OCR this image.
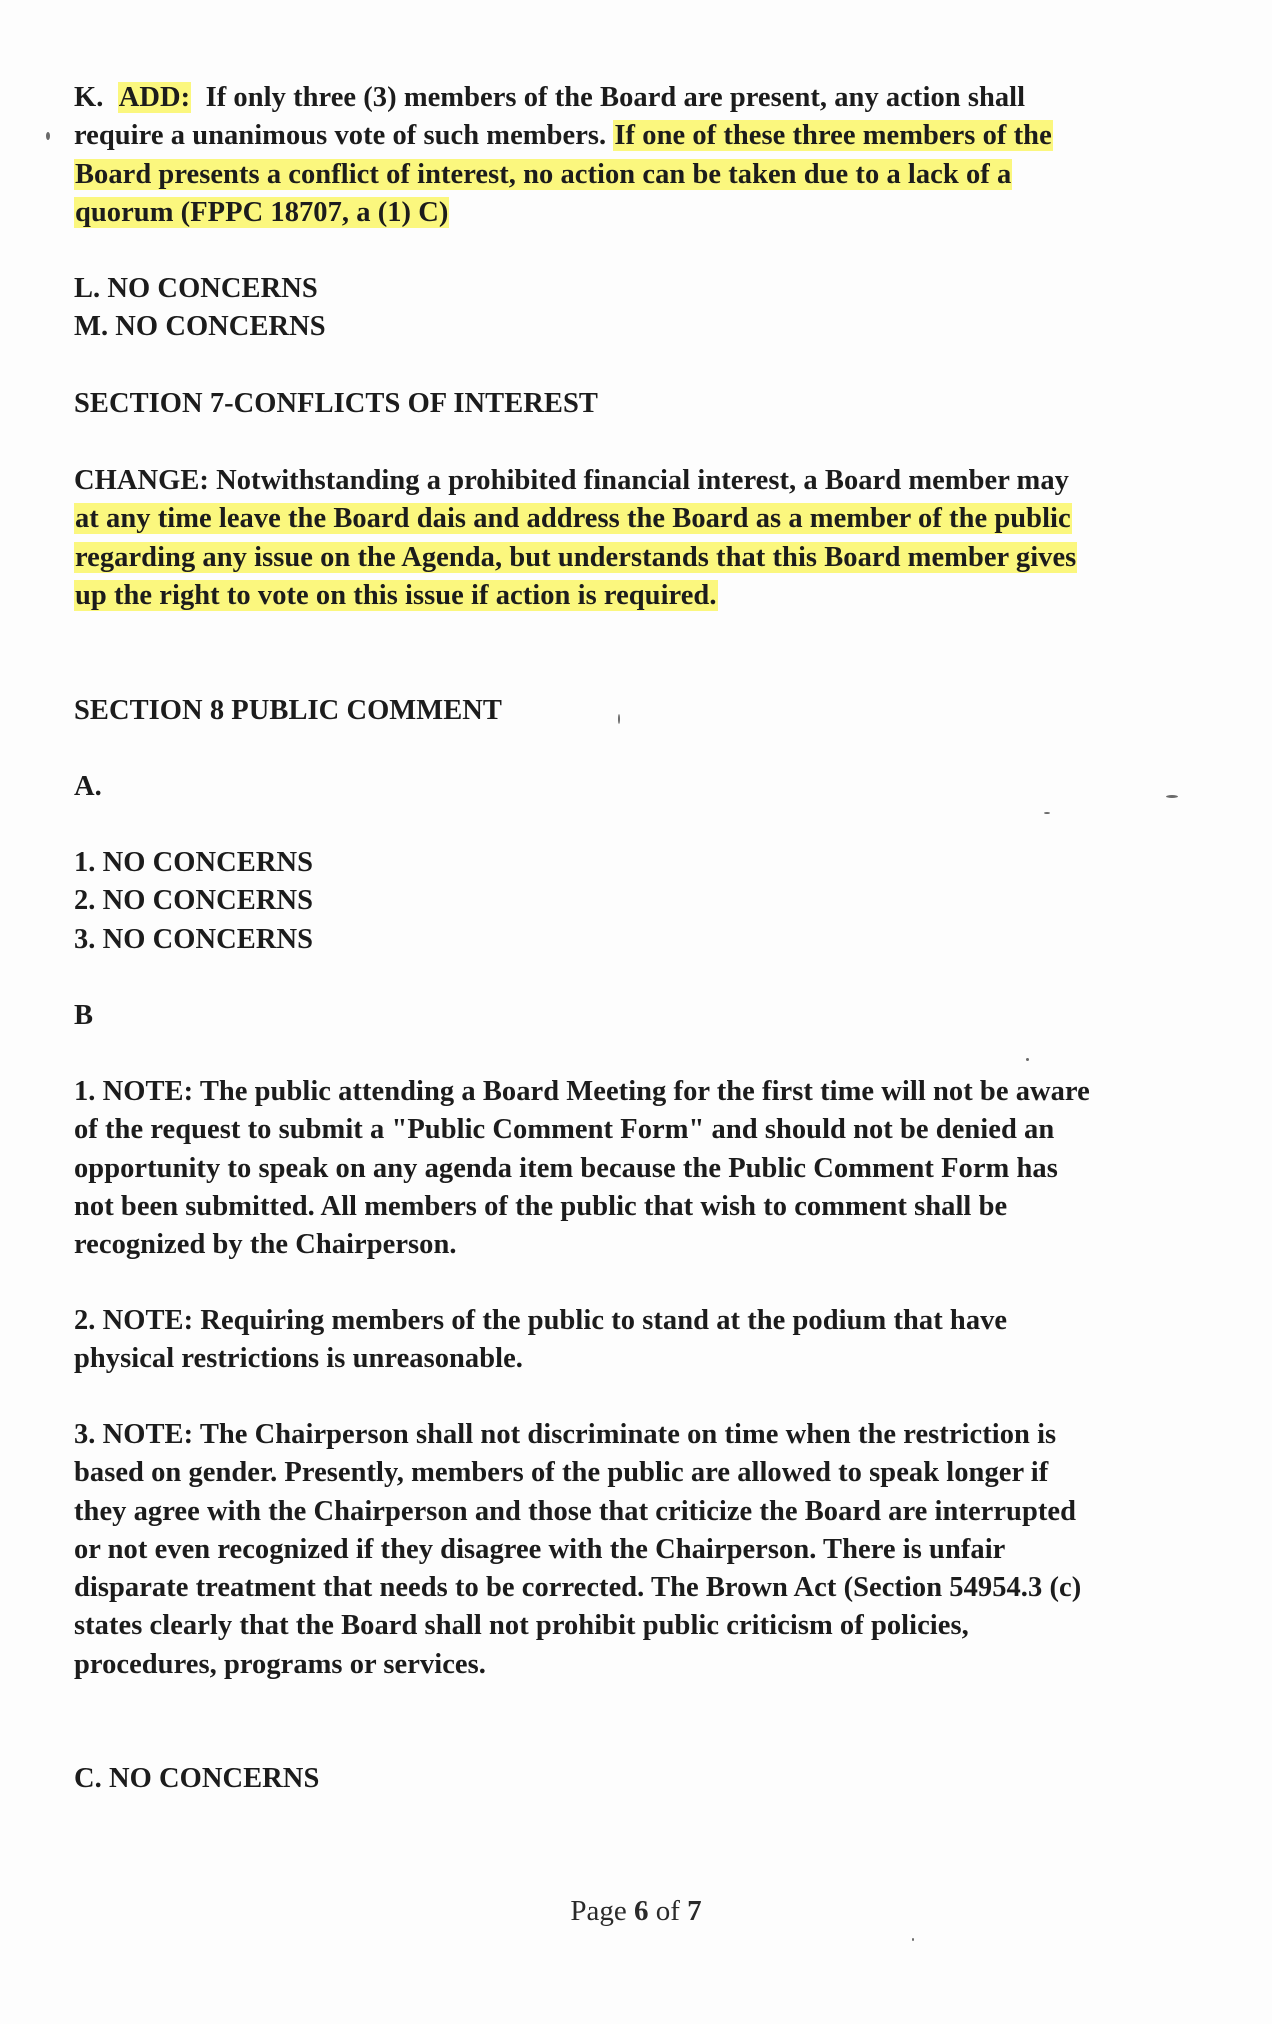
K. ADD: If only three (3) members of the Board are present, any action shall
require a unanimous vote of such members. If one of these three members of the
Board presents a conflict of interest, no action can be taken due to a lack of a
quorum (FPPC 18707, a (1) C)
L. NO CONCERNS
M. NO CONCERNS
SECTION 7-CONFLICTS OF INTEREST
CHANGE: Notwithstanding a prohibited financial interest, a Board member may
at any time leave the Board dais and address the Board as a member of the public
regarding any issue on the Agenda, but understands that this Board member gives
up the right to vote on this issue if action is required.
SECTION 8 PUBLIC COMMENT
A.
1. NO CONCERNS
2. NO CONCERNS
3. NO CONCERNS
B
1. NOTE: The public attending a Board Meeting for the first time will not be aware
of the request to submit a "Public Comment Form" and should not be denied an
opportunity to speak on any agenda item because the Public Comment Form has
not been submitted. All members of the public that wish to comment shall be
recognized by the Chairperson.
2. NOTE: Requiring members of the public to stand at the podium that have
physical restrictions is unreasonable.
3. NOTE: The Chairperson shall not discriminate on time when the restriction is
based on gender. Presently, members of the public are allowed to speak longer if
they agree with the Chairperson and those that criticize the Board are interrupted
or not even recognized if they disagree with the Chairperson. There is unfair
disparate treatment that needs to be corrected. The Brown Act (Section 54954.3 (c)
states clearly that the Board shall not prohibit public criticism of policies,
procedures, programs or services.
C. NO CONCERNS
Page 6 of 7
